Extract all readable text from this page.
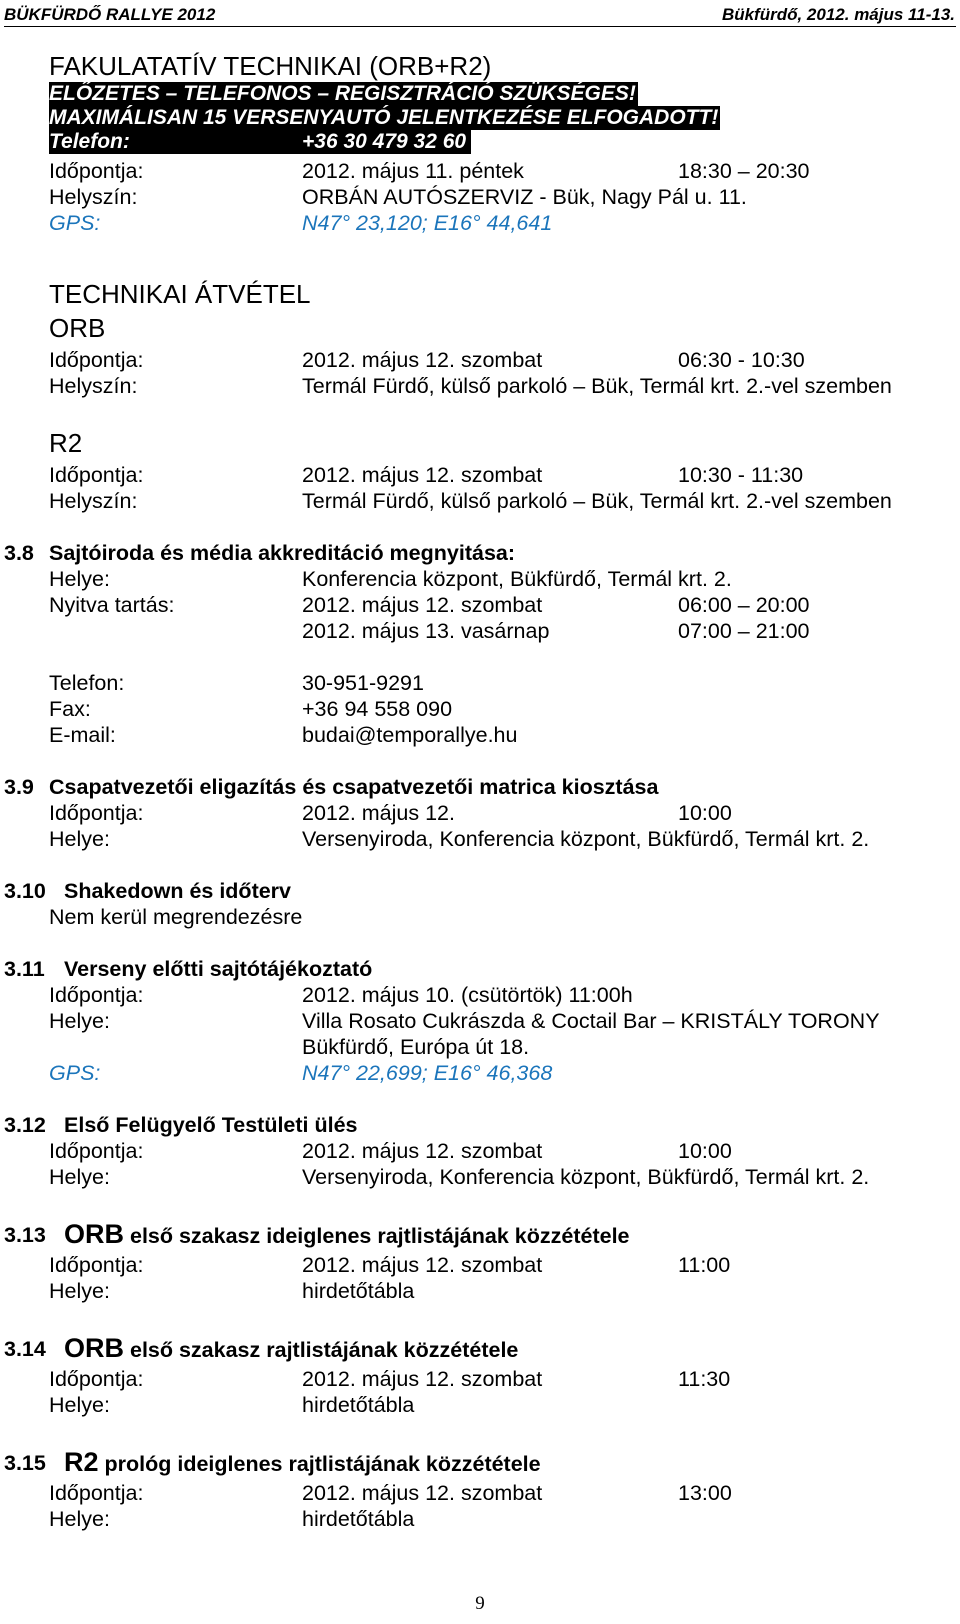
BÜKFÜRDŐ RALLYE 2012	Bükfürdő, 2012. május 11-13.
FAKULATATÍV TECHNIKAI (ORB+R2)
ELŐZETES – TELEFONOS – REGISZTRÁCIÓ SZÜKSÉGES!
MAXIMÁLISAN 15 VERSENYAUTÓ JELENTKEZÉSE ELFOGADOTT!
Telefon:	+36 30 479 32 60
Időpontja:	2012. május 11. péntek	18:30 – 20:30
Helyszín:	ORBÁN AUTÓSZERVIZ - Bük, Nagy Pál u. 11.
GPS:	N47° 23,120; E16° 44,641
TECHNIKAI ÁTVÉTEL
ORB
Időpontja:	2012. május 12. szombat	06:30 - 10:30
Helyszín:	Termál Fürdő, külső parkoló – Bük, Termál krt. 2.-vel szemben
R2
Időpontja:	2012. május 12. szombat	10:30 - 11:30
Helyszín:	Termál Fürdő, külső parkoló – Bük, Termál krt. 2.-vel szemben
3.8 Sajtóiroda és média akkreditáció megnyitása:
Helye:	Konferencia központ, Bükfürdő, Termál krt. 2.
Nyitva tartás:	2012. május 12. szombat	06:00 – 20:00
2012. május 13. vasárnap	07:00 – 21:00
Telefon:	30-951-9291
Fax:	+36 94 558 090
E-mail:	budai@temporallye.hu
3.9 Csapatvezetői eligazítás és csapatvezetői matrica kiosztása
Időpontja:	2012. május 12.	10:00
Helye:	Versenyiroda, Konferencia központ, Bükfürdő, Termál krt. 2.
3.10 Shakedown és időterv
Nem kerül megrendezésre
3.11 Verseny előtti sajtótájékoztató
Időpontja:	2012. május 10. (csütörtök) 11:00h
Helye:	Villa Rosato Cukrászda & Coctail Bar – KRISTÁLY TORONY
Bükfürdő, Európa út 18.
GPS:	N47° 22,699; E16° 46,368
3.12 Első Felügyelő Testületi ülés
Időpontja:	2012. május 12. szombat	10:00
Helye:	Versenyiroda, Konferencia központ, Bükfürdő, Termál krt. 2.
3.13 ORB első szakasz ideiglenes rajtlistájának közzététele
Időpontja:	2012. május 12. szombat	11:00
Helye:	hirdetőtábla
3.14 ORB első szakasz rajtlistájának közzététele
Időpontja:	2012. május 12. szombat	11:30
Helye:	hirdetőtábla
3.15 R2 prológ ideiglenes rajtlistájának közzététele
Időpontja:	2012. május 12. szombat	13:00
Helye:	hirdetőtábla
9
